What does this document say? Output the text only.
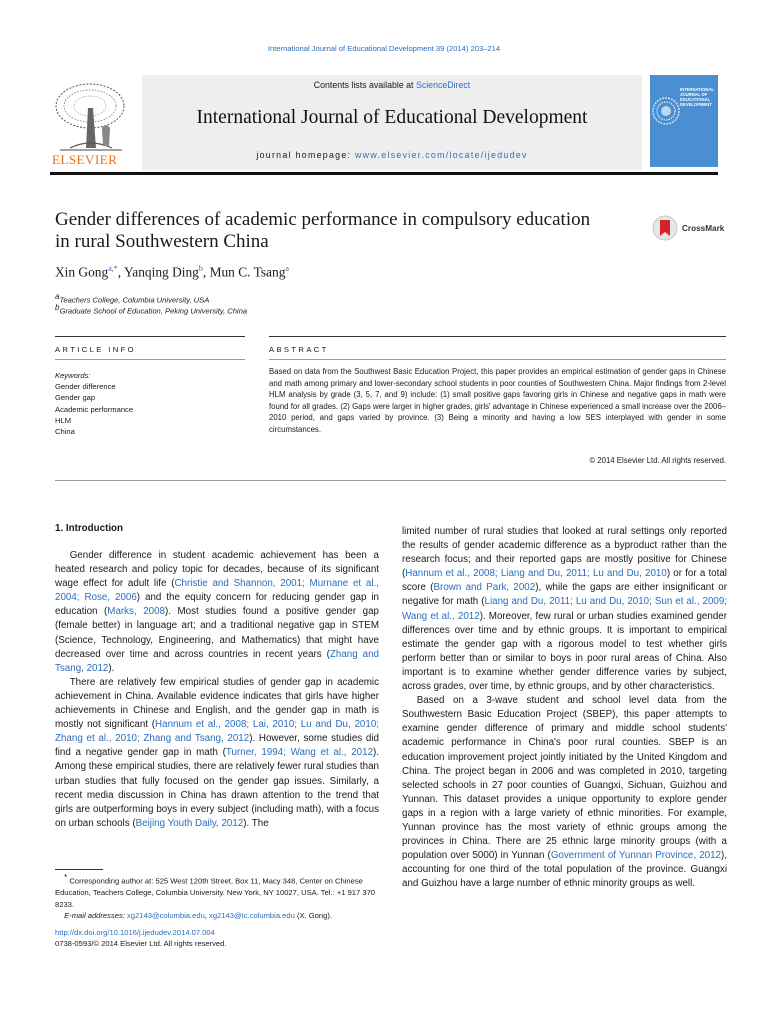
International Journal of Educational Development 39 (2014) 203–214
ELSEVIER
Contents lists available at ScienceDirect
International Journal of Educational Development
journal homepage: www.elsevier.com/locate/ijedudev
INTERNATIONAL JOURNAL OF EDUCATIONAL DEVELOPMENT
Gender differences of academic performance in compulsory education
in rural Southwestern China
CrossMark
Xin Gong$^{a,*}$, Yanqing Ding$^b$, Mun C. Tsang$^a$
$^a$Teachers College, Columbia University, USA
$^b$Graduate School of Education, Peking University, China
ARTICLE INFO	ABSTRACT
Keywords:
Gender difference
Gender gap
Academic performance
HLM
China
Based on data from the Southwest Basic Education Project, this paper provides an empirical estimation of gender gaps in Chinese and math among primary and lower-secondary school students in poor counties of Southwestern China. Major findings from 2-level HLM analysis by grade (3, 5, 7, and 9) include: (1) small positive gaps favoring girls in Chinese and negative gaps in math were found for all grades. (2) Gaps were larger in higher grades, girls' advantage in Chinese experienced a small increase over the 2006–2010 period, and gaps varied by province. (3) Being a minority and having a low SES interplayed with gender in some circumstances.
© 2014 Elsevier Ltd. All rights reserved.
1. Introduction

Gender difference in student academic achievement has been a heated research and policy topic for decades, because of its significant wage effect for adult life (Christie and Shannon, 2001; Murnane et al., 2004; Rose, 2006) and the equity concern for reducing gender gap in education (Marks, 2008). Most studies found a positive gender gap (female better) in language art; and a traditional negative gap in STEM (Science, Technology, Engineering, and Mathematics) that might have decreased over time and across countries in recent years (Zhang and Tsang, 2012).

There are relatively few empirical studies of gender gap in academic achievement in China. Available evidence indicates that girls have higher achievements in Chinese and English, and the gender gap in math is mostly not significant (Hannum et al., 2008; Lai, 2010; Lu and Du, 2010; Zhang et al., 2010; Zhang and Tsang, 2012). However, some studies did find a negative gender gap in math (Turner, 1994; Wang et al., 2012). Among these empirical studies, there are relatively fewer rural studies than urban studies that fully focused on the gender gap issues. Similarly, a recent media discussion in China has drawn attention to the trend that girls are outperforming boys in every subject (including math), with a focus on urban schools (Beijing Youth Daily, 2012). The

limited number of rural studies that looked at rural settings only reported the results of gender academic difference as a byproduct rather than the research focus; and their reported gaps are mostly positive for Chinese (Hannum et al., 2008; Liang and Du, 2011; Lu and Du, 2010) or for a total score (Brown and Park, 2002), while the gaps are either insignificant or negative for math (Liang and Du, 2011; Lu and Du, 2010; Sun et al., 2009; Wang et al., 2012). Moreover, few rural or urban studies examined gender differences over time and by ethnic groups. It is important to empirical estimate the gender gap with a rigorous model to test whether girls perform better than or similar to boys in poor rural areas of China. Also important is to examine whether gender difference varies by subject, across grades, over time, by ethnic groups, and by other characteristics.

Based on a 3-wave student and school level data from the Southwestern Basic Education Project (SBEP), this paper attempts to examine gender difference of primary and middle school students' academic performance in China's poor rural counties. SBEP is an education improvement project jointly initiated by the United Kingdom and China. The project began in 2006 and was completed in 2010, targeting selected schools in 27 poor counties of Guangxi, Sichuan, Guizhou and Yunnan. This dataset provides a unique opportunity to explore gender gaps in a region with a large variety of ethnic minorities. For example, Yunnan province has the most variety of ethnic groups among the provinces in China. There are 25 ethnic large minority groups (with a population over 5000) in Yunnan (Government of Yunnan Province, 2012), accounting for one third of the total population of the province. Guangxi and Guizhou have a large number of ethnic minority groups as well.

* Corresponding author at: 525 West 120th Street, Box 11, Macy 348, Center on Chinese Education, Teachers College, Columbia University. New York, NY 10027, USA. Tel.: +1 917 370 8233.
E-mail addresses: xg2143@columbia.edu, xg2143@tc.columbia.edu (X. Gong).
http://dx.doi.org/10.1016/j.ijedudev.2014.07.004
0738-0593/© 2014 Elsevier Ltd. All rights reserved.
